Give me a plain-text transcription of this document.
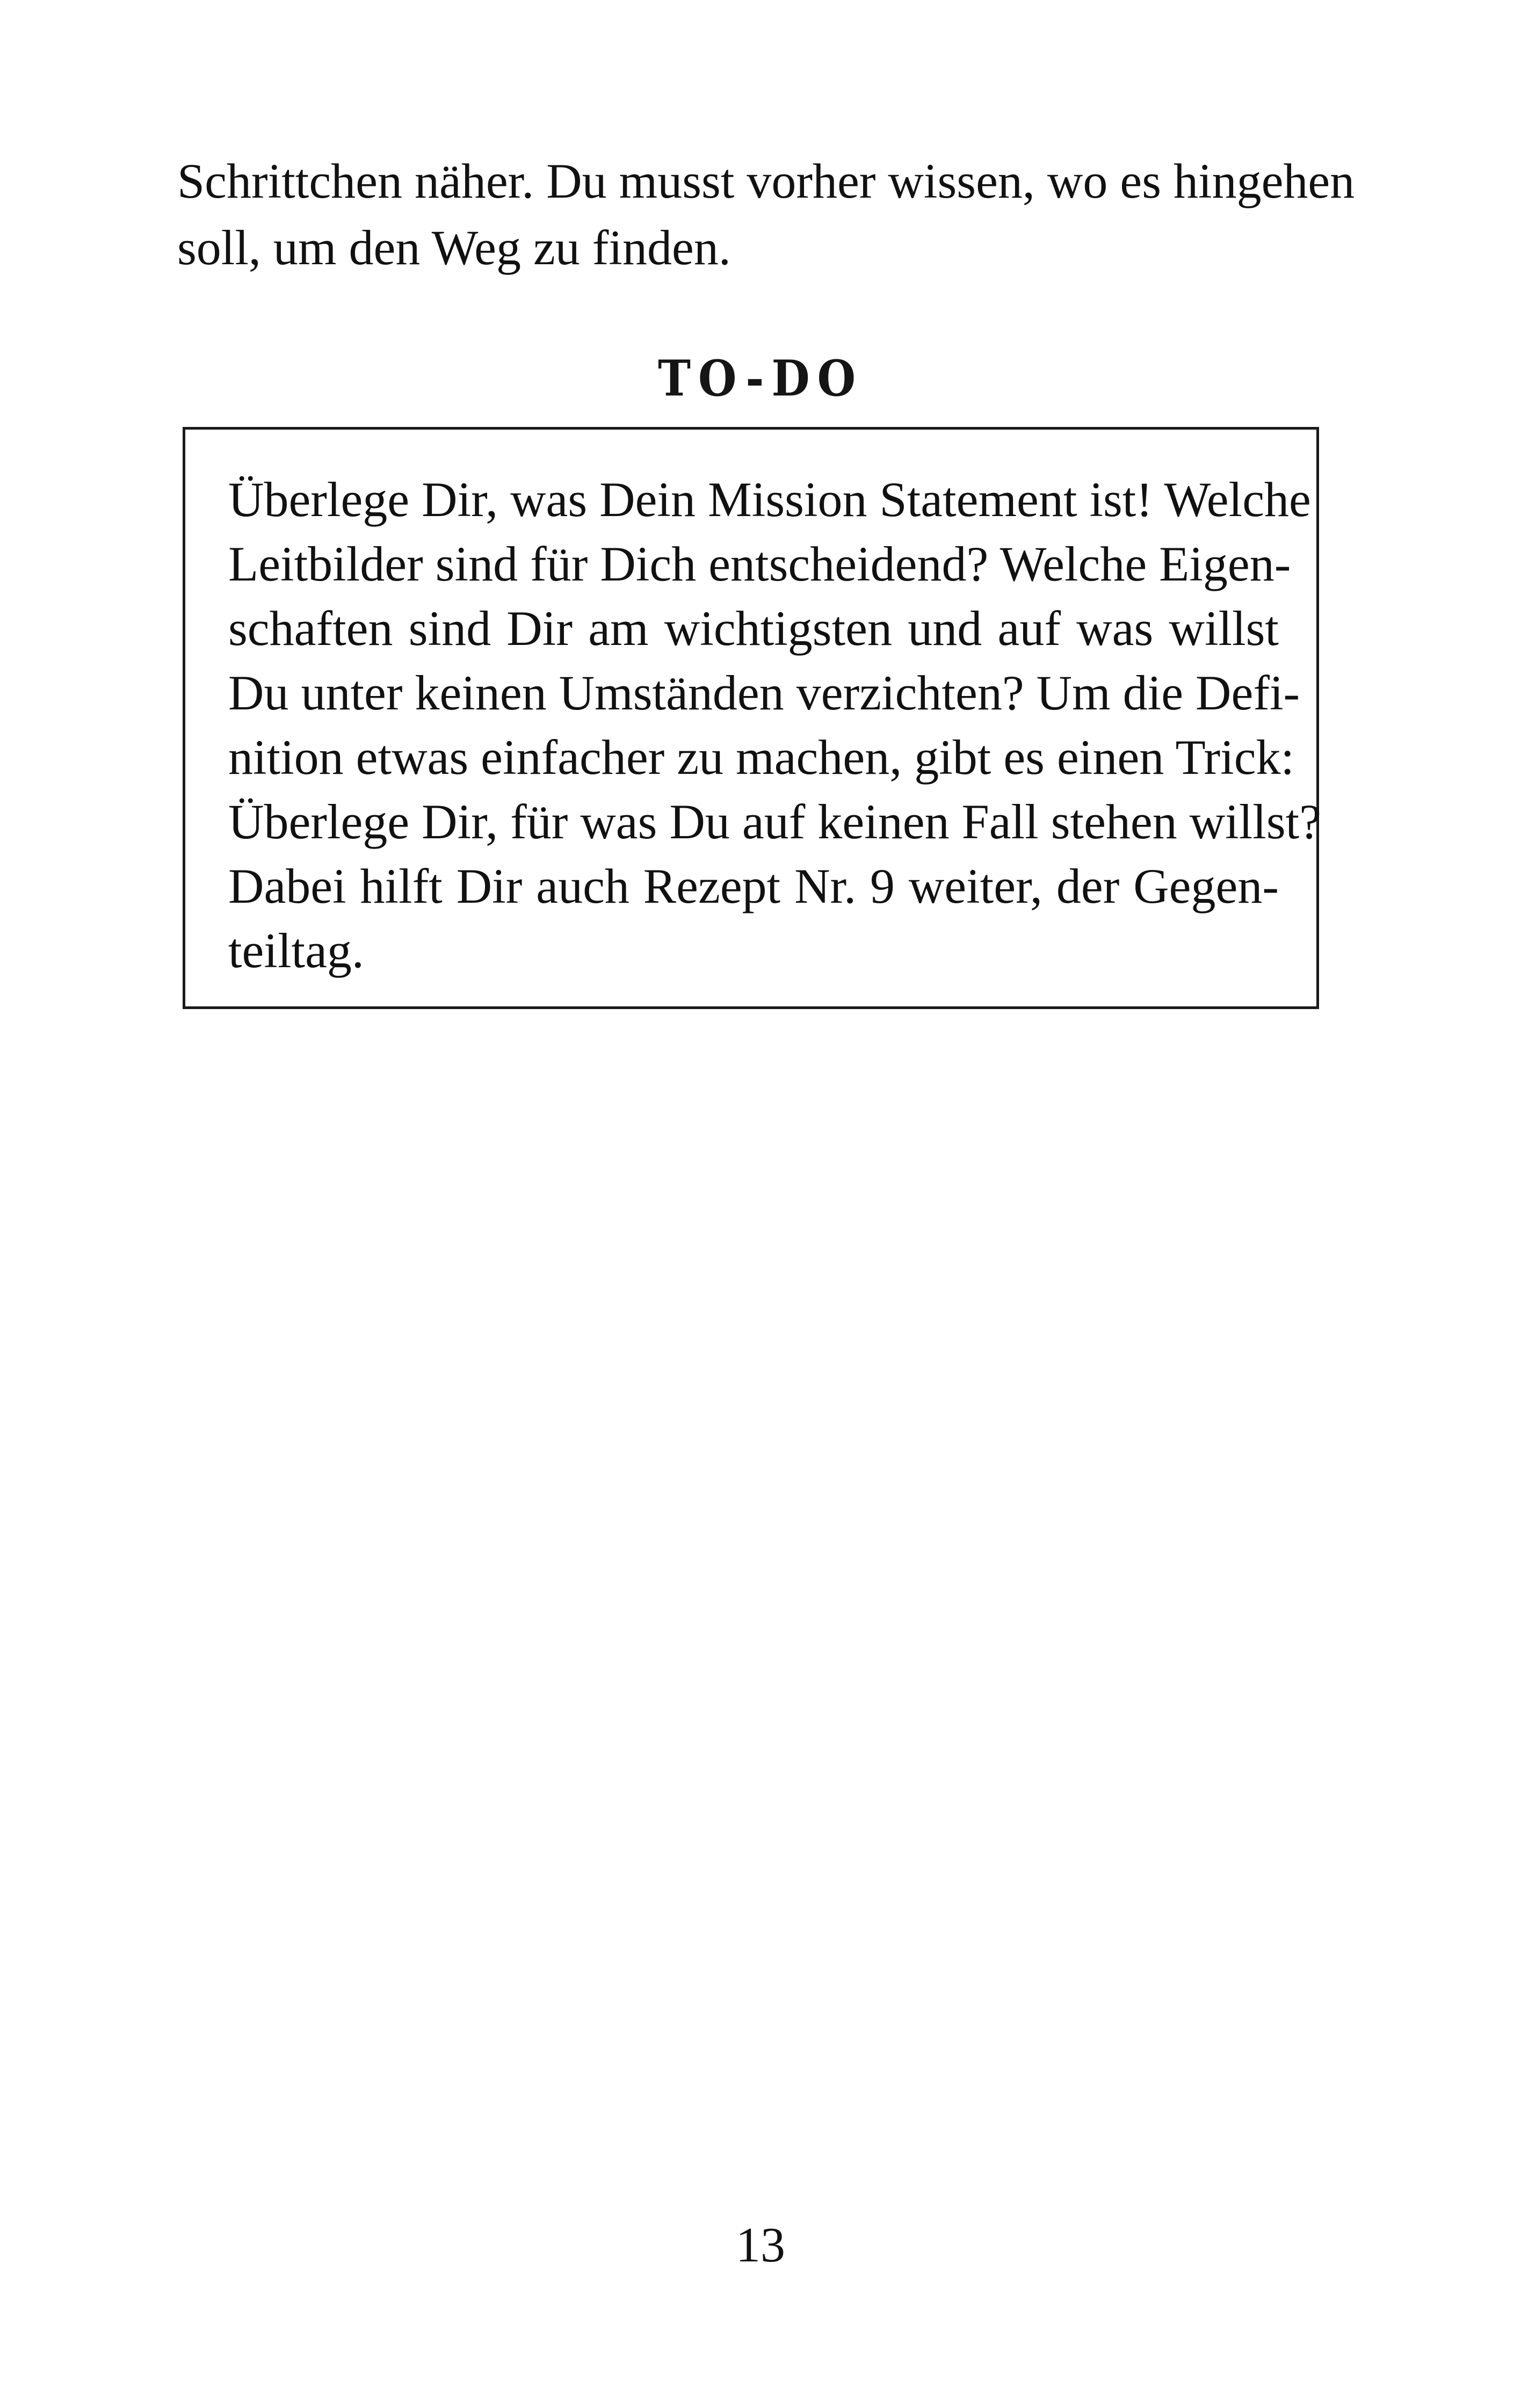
Schrittchen näher. Du musst vorher wissen, wo es hingehen
soll, um den Weg zu finden.
TO-DO
Überlege Dir, was Dein Mission Statement ist! Welche
Leitbilder sind für Dich entscheidend? Welche Eigen-
schaften sind Dir am wichtigsten und auf was willst
Du unter keinen Umständen verzichten? Um die Defi-
nition etwas einfacher zu machen, gibt es einen Trick:
Überlege Dir, für was Du auf keinen Fall stehen willst?
Dabei hilft Dir auch Rezept Nr. 9 weiter, der Gegen-
teiltag.
13
